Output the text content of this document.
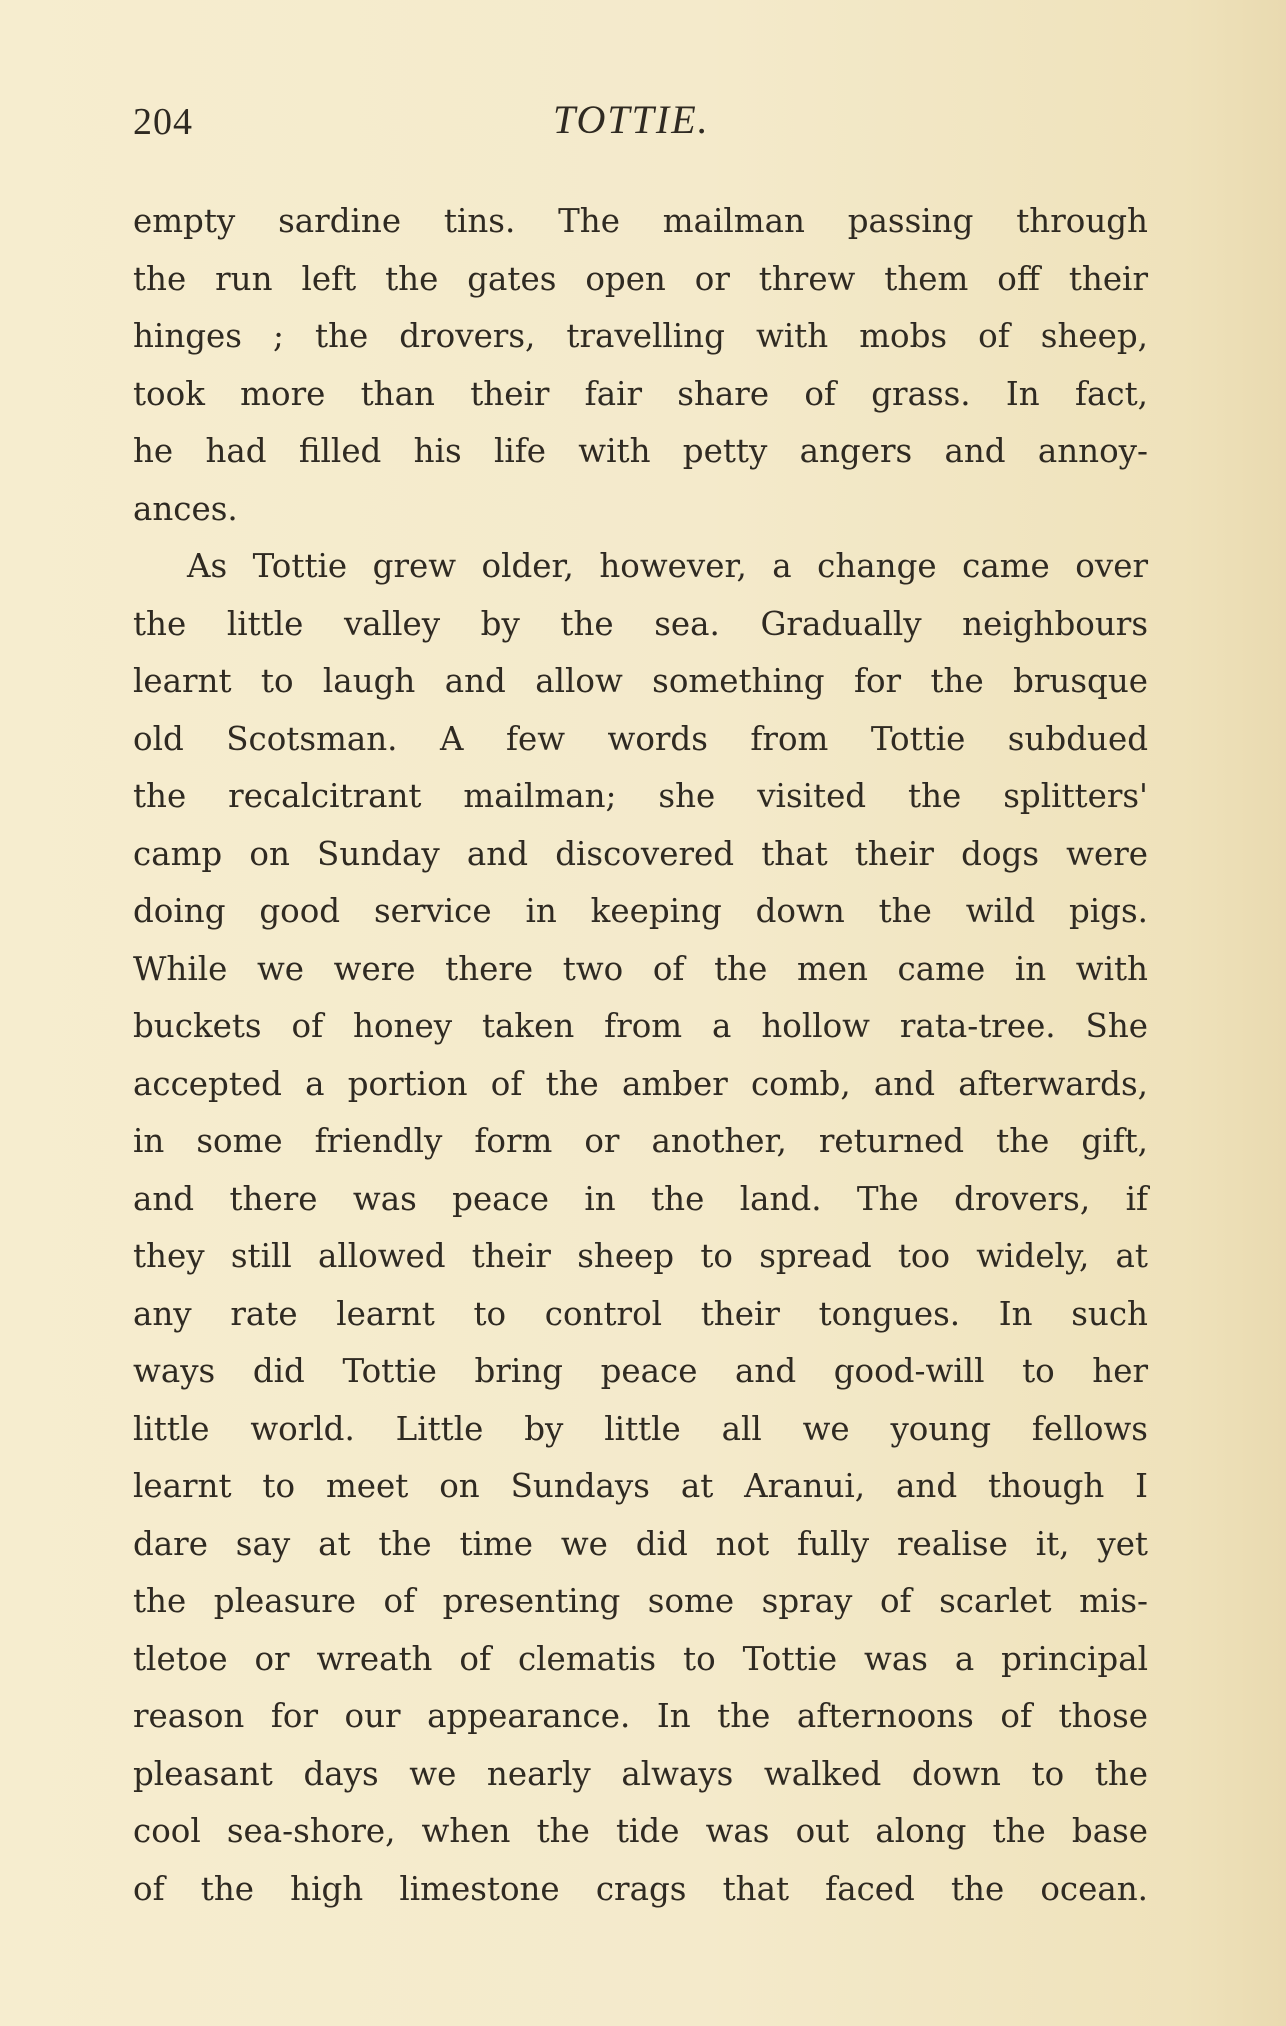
204	TOTTIE.
empty sardine tins. The mailman passing through
the run left the gates open or threw them off their
hinges ; the drovers, travelling with mobs of sheep,
took more than their fair share of grass. In fact,
he had filled his life with petty angers and annoy-
ances.
As Tottie grew older, however, a change came over
the little valley by the sea. Gradually neighbours
learnt to laugh and allow something for the brusque
old Scotsman. A few words from Tottie subdued
the recalcitrant mailman; she visited the splitters'
camp on Sunday and discovered that their dogs were
doing good service in keeping down the wild pigs.
While we were there two of the men came in with
buckets of honey taken from a hollow rata-tree. She
accepted a portion of the amber comb, and afterwards,
in some friendly form or another, returned the gift,
and there was peace in the land. The drovers, if
they still allowed their sheep to spread too widely, at
any rate learnt to control their tongues. In such
ways did Tottie bring peace and good-will to her
little world. Little by little all we young fellows
learnt to meet on Sundays at Aranui, and though I
dare say at the time we did not fully realise it, yet
the pleasure of presenting some spray of scarlet mis-
tletoe or wreath of clematis to Tottie was a principal
reason for our appearance. In the afternoons of those
pleasant days we nearly always walked down to the
cool sea-shore, when the tide was out along the base
of the high limestone crags that faced the ocean.
